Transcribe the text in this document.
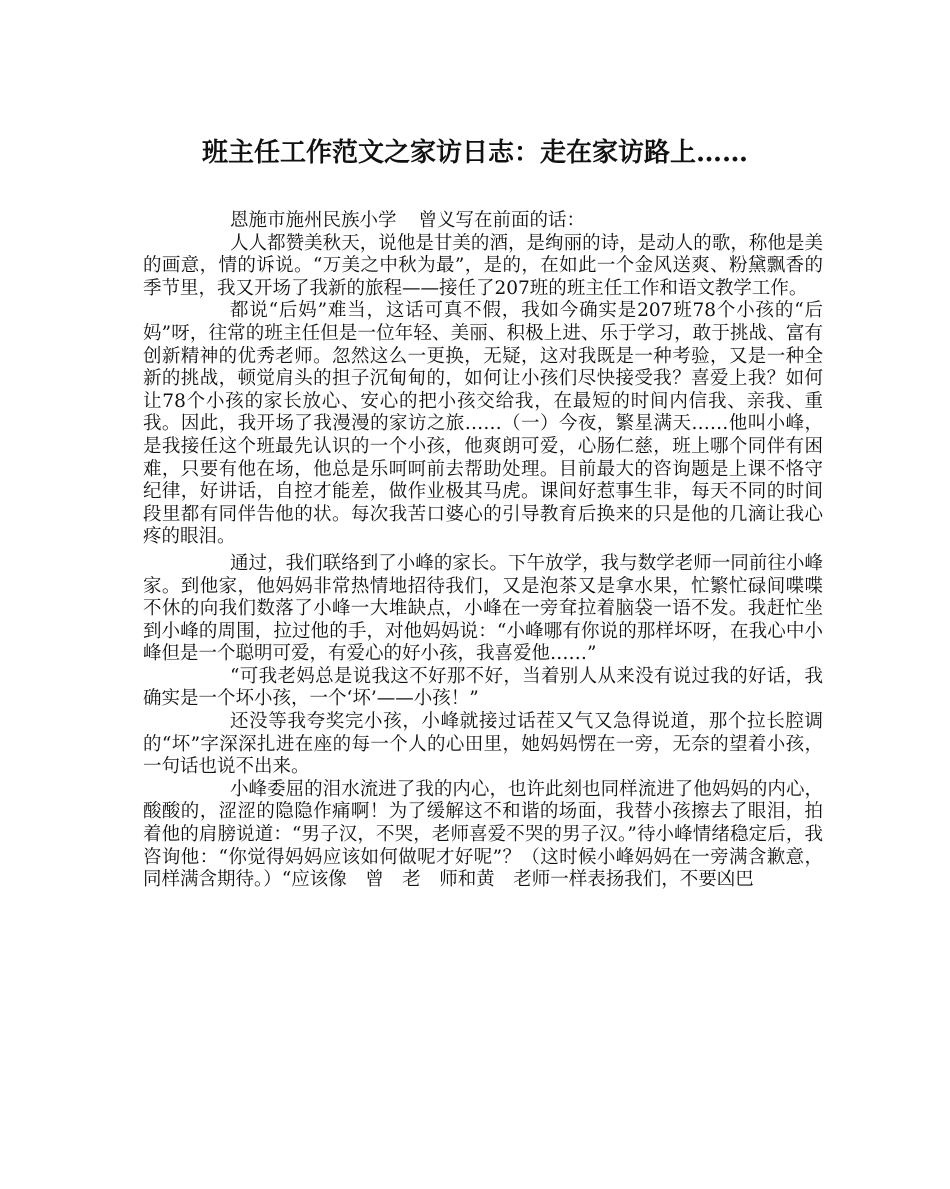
班主任工作范文之家访日志：走在家访路上……
恩施市施州民族小学 曾义写在前面的话：

人人都赞美秋天，说他是甘美的酒，是绚丽的诗，是动人的歌，称他是美的画意，情的诉说。“万美之中秋为最”，是的，在如此一个金风送爽、粉黛飘香的季节里，我又开场了我新的旅程——接任了207班的班主任工作和语文教学工作。

都说“后妈”难当，这话可真不假，我如今确实是207班78个小孩的“后妈”呀，往常的班主任但是一位年轻、美丽、积极上进、乐于学习，敢于挑战、富有创新精神的优秀老师。忽然这么一更换，无疑，这对我既是一种考验，又是一种全新的挑战，顿觉肩头的担子沉甸甸的，如何让小孩们尽快接受我？喜爱上我？如何让78个小孩的家长放心、安心的把小孩交给我，在最短的时间内信我、亲我、重我。因此，我开场了我漫漫的家访之旅……（一）今夜，繁星满天……他叫小峰，是我接任这个班最先认识的一个小孩，他爽朗可爱，心肠仁慈，班上哪个同伴有困难，只要有他在场，他总是乐呵呵前去帮助处理。目前最大的咨询题是上课不恪守纪律，好讲话，自控才能差，做作业极其马虎。课间好惹事生非，每天不同的时间段里都有同伴告他的状。每次我苦口婆心的引导教育后换来的只是他的几滴让我心疼的眼泪。

通过，我们联络到了小峰的家长。下午放学，我与数学老师一同前往小峰家。到他家，他妈妈非常热情地招待我们，又是泡茶又是拿水果，忙繁忙碌间喋喋不休的向我们数落了小峰一大堆缺点，小峰在一旁耷拉着脑袋一语不发。我赶忙坐到小峰的周围，拉过他的手，对他妈妈说：“小峰哪有你说的那样坏呀，在我心中小峰但是一个聪明可爱，有爱心的好小孩，我喜爱他……”

“可我老妈总是说我这不好那不好，当着别人从来没有说过我的好话，我确实是一个坏小孩，一个‘坏’——小孩！”

还没等我夸奖完小孩，小峰就接过话茬又气又急得说道，那个拉长腔调的“坏”字深深扎进在座的每一个人的心田里，她妈妈愣在一旁，无奈的望着小孩，一句话也说不出来。

小峰委屈的泪水流进了我的内心，也许此刻也同样流进了他妈妈的内心，酸酸的，涩涩的隐隐作痛啊！为了缓解这不和谐的场面，我替小孩擦去了眼泪，拍着他的肩膀说道：“男子汉，不哭，老师喜爱不哭的男子汉。”待小峰情绪稳定后，我咨询他：“你觉得妈妈应该如何做呢才好呢”？（这时候小峰妈妈在一旁满含歉意，同样满含期待。）“应该像　曾　老　师和黄　老师一样表扬我们，不要凶巴
